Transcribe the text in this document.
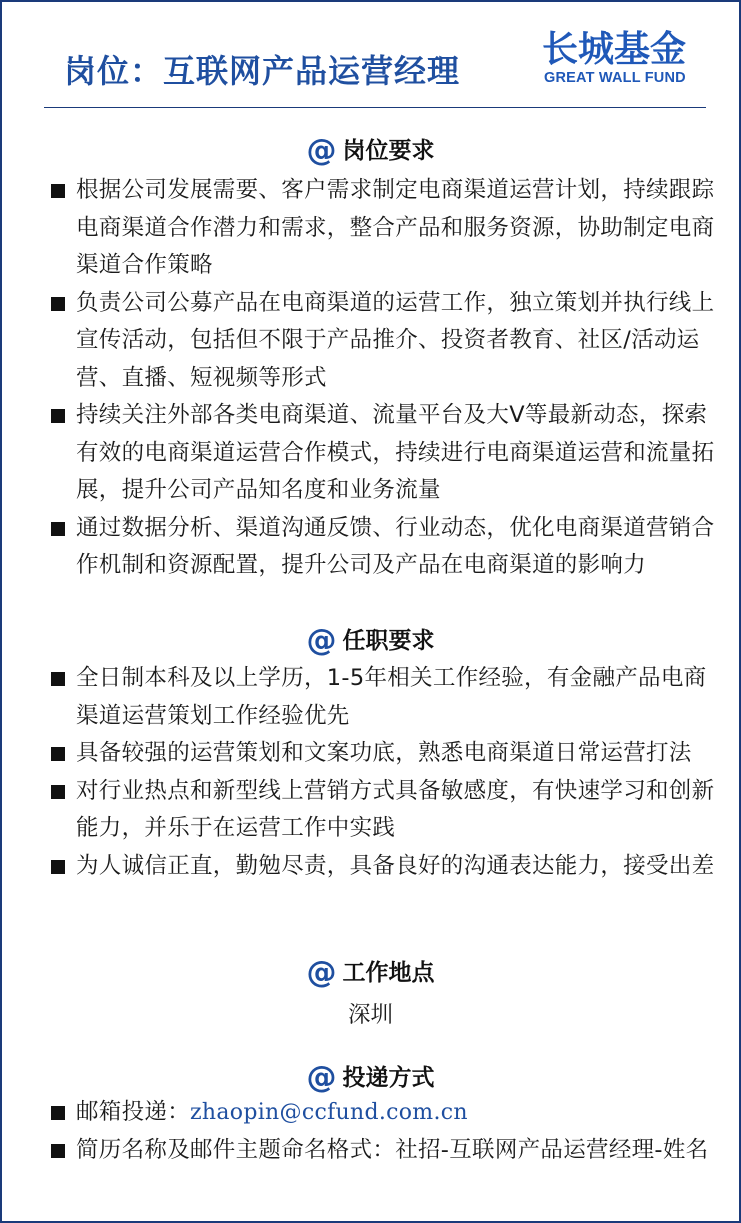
岗位：互联网产品运营经理
长城基金
GREAT WALL FUND
@ 岗位要求
根据公司发展需要、客户需求制定电商渠道运营计划，持续跟踪电商渠道合作潜力和需求，整合产品和服务资源，协助制定电商渠道合作策略
负责公司公募产品在电商渠道的运营工作，独立策划并执行线上宣传活动，包括但不限于产品推介、投资者教育、社区/活动运营、直播、短视频等形式
持续关注外部各类电商渠道、流量平台及大V等最新动态，探索有效的电商渠道运营合作模式，持续进行电商渠道运营和流量拓展，提升公司产品知名度和业务流量
通过数据分析、渠道沟通反馈、行业动态，优化电商渠道营销合作机制和资源配置，提升公司及产品在电商渠道的影响力
@ 任职要求
全日制本科及以上学历，1-5年相关工作经验，有金融产品电商渠道运营策划工作经验优先
具备较强的运营策划和文案功底，熟悉电商渠道日常运营打法
对行业热点和新型线上营销方式具备敏感度，有快速学习和创新能力，并乐于在运营工作中实践
为人诚信正直，勤勉尽责，具备良好的沟通表达能力，接受出差
@ 工作地点
深圳
@ 投递方式
邮箱投递：zhaopin@ccfund.com.cn
简历名称及邮件主题命名格式：社招-互联网产品运营经理-姓名
